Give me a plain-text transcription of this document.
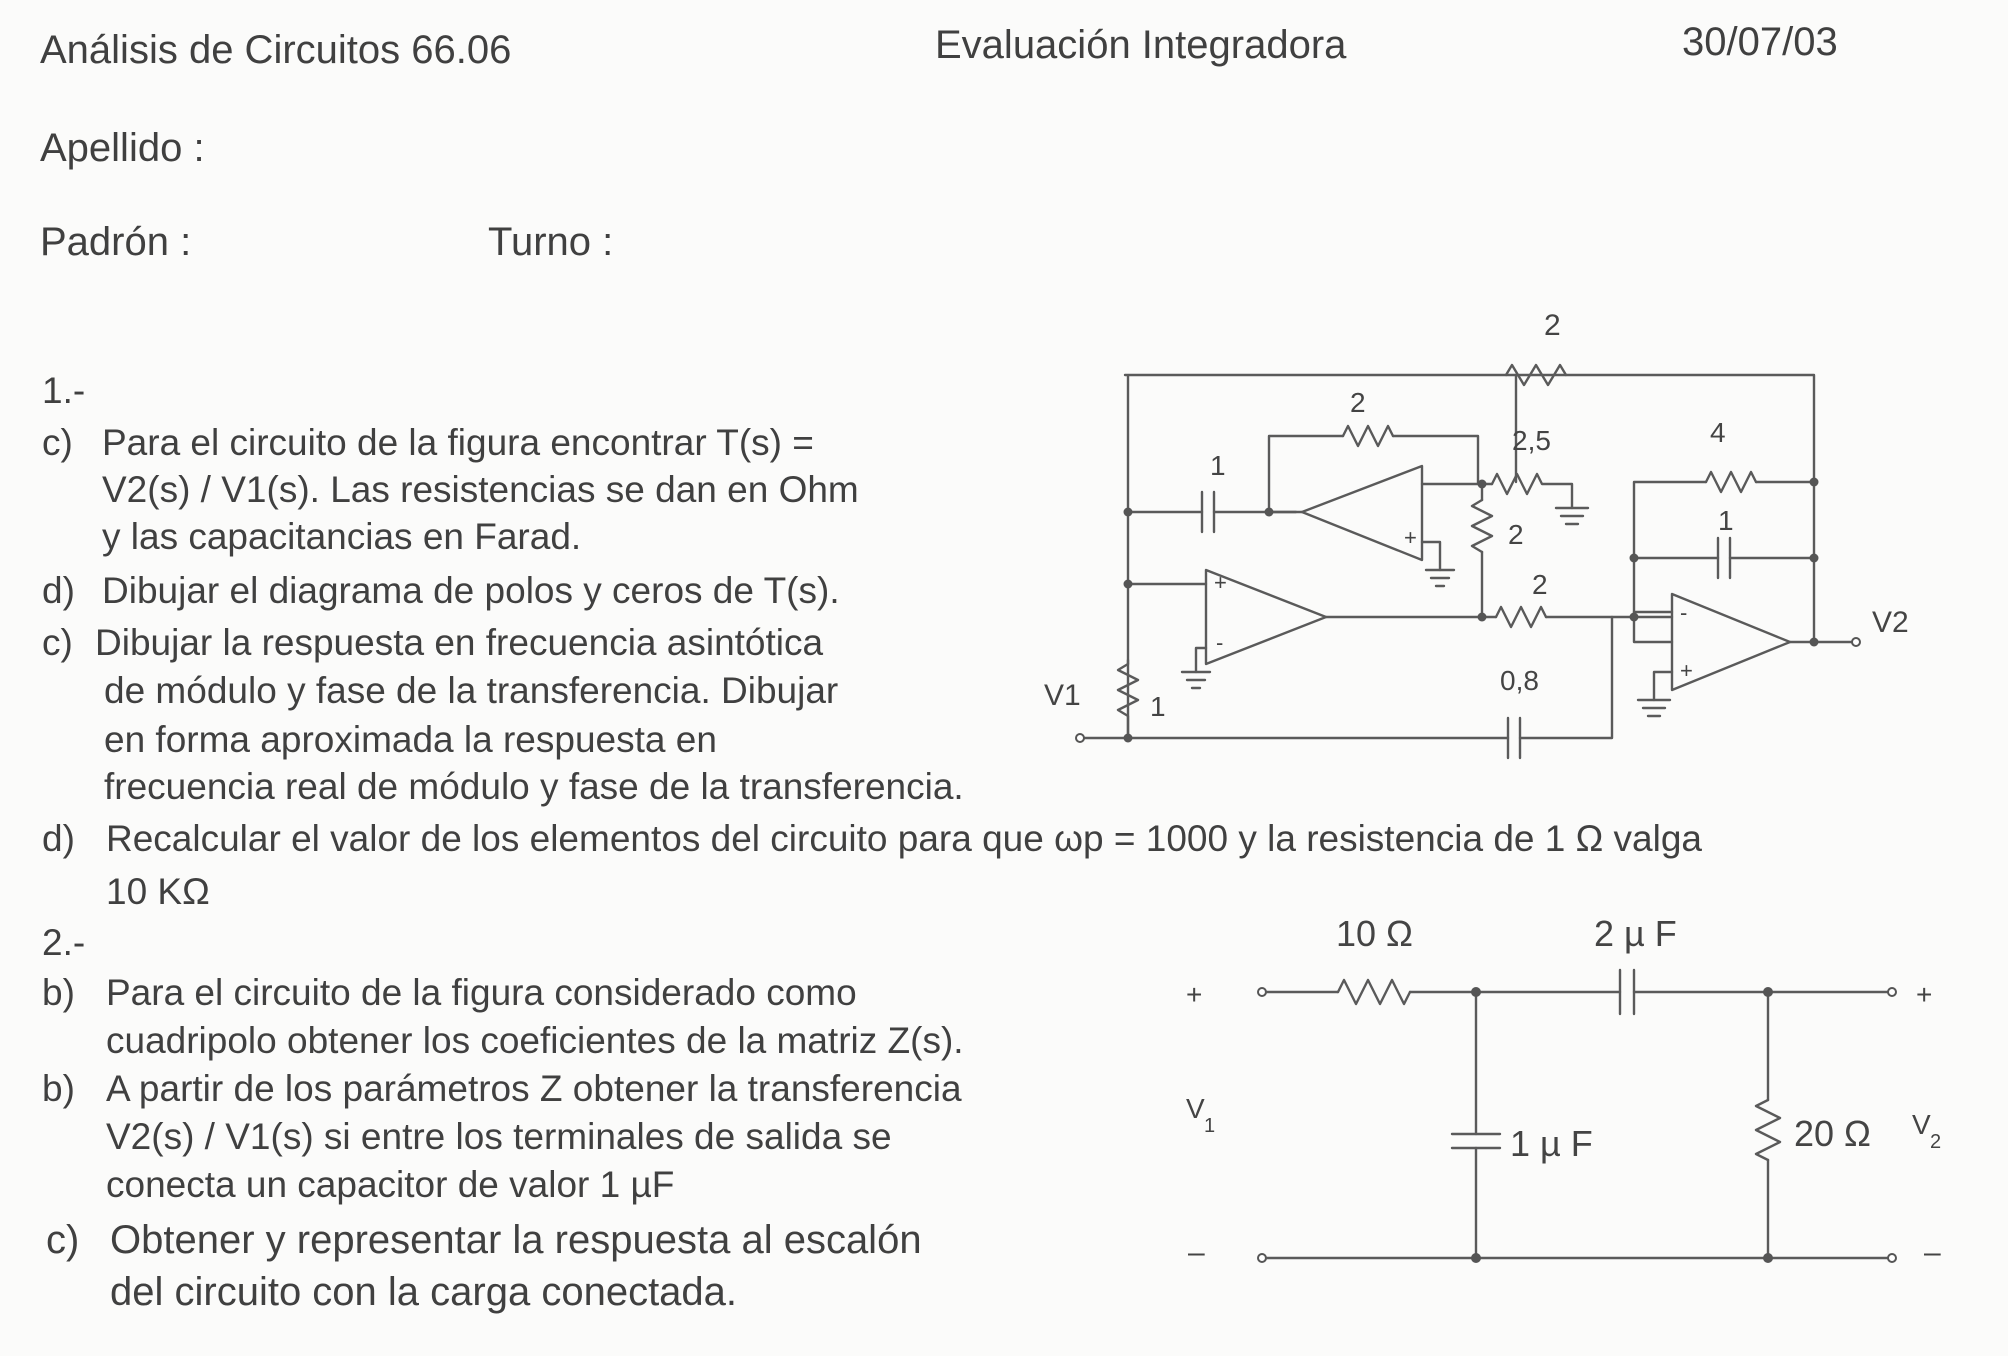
Análisis de Circuitos 66.06	Evaluación Integradora	30/07/03
Apellido :
Padrón :	Turno :
1.-
c) Para el circuito de la figura encontrar T(s) =
V2(s) / V1(s). Las resistencias se dan en Ohm
y las capacitancias en Farad.
d) Dibujar el diagrama de polos y ceros de T(s).
c) Dibujar la respuesta en frecuencia asintótica
de módulo y fase de la transferencia. Dibujar
en forma aproximada la respuesta en
frecuencia real de módulo y fase de la transferencia.
d) Recalcular el valor de los elementos del circuito para que ωp = 1000 y la resistencia de 1 Ω valga
10 KΩ
2.-
b) Para el circuito de la figura considerado como
cuadripolo obtener los coeficientes de la matriz Z(s).
b) A partir de los parámetros Z obtener la transferencia
V2(s) / V1(s) si entre los terminales de salida se
conecta un capacitor de valor 1 µF
c) Obtener y representar la respuesta al escalón
del circuito con la carga conectada.
2
1
2
+
2,5
2
+
-
2
0,8
V1 1
4
1
-
+
V2
+
10 Ω	2 µ F
+
1 µ F	20 Ω
V
1	V
2
–	–
